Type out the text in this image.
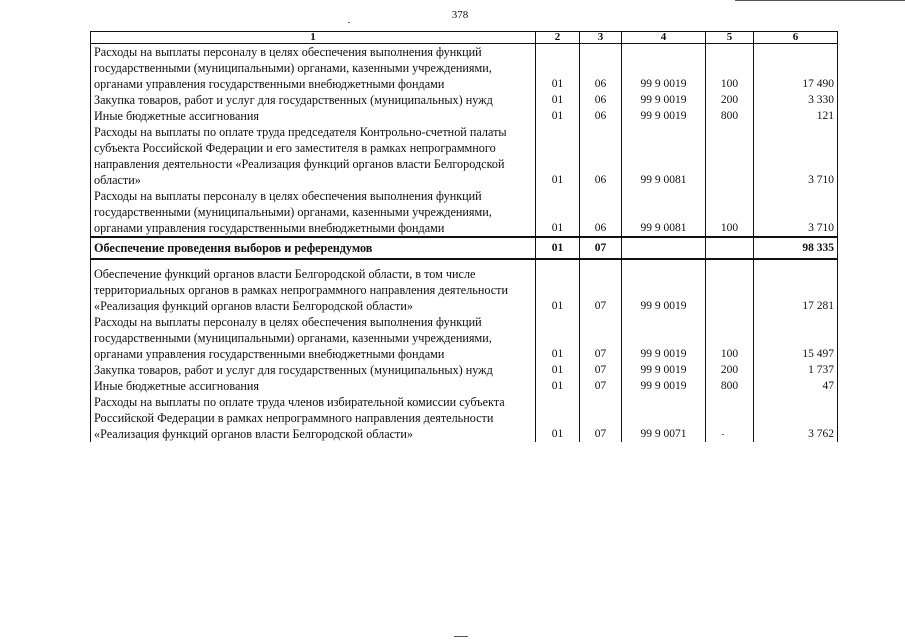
378
1	2	3	4	5	6
Расходы на выплаты персоналу в целях обеспечения выполнения функций государственными (муниципальными) органами, казенными учреждениями, органами управления государственными внебюджетными фондами	01	06	99 9 0019	100	17 490
Закупка товаров, работ и услуг для государственных (муниципальных) нужд	01	06	99 9 0019	200	3 330
Иные бюджетные ассигнования	01	06	99 9 0019	800	121
Расходы на выплаты по оплате труда председателя Контрольно-счетной палаты субъекта Российской Федерации и его заместителя в рамках непрограммного направления деятельности «Реализация функций органов власти Белгородской области»	01	06	99 9 0081		3 710
Расходы на выплаты персоналу в целях обеспечения выполнения функций государственными (муниципальными) органами, казенными учреждениями, органами управления государственными внебюджетными фондами	01	06	99 9 0081	100	3 710
Обеспечение проведения выборов и референдумов	01	07			98 335
Обеспечение функций органов власти Белгородской области, в том числе территориальных органов в рамках непрограммного направления деятельности «Реализация функций органов власти Белгородской области»	01	07	99 9 0019		17 281
Расходы на выплаты персоналу в целях обеспечения выполнения функций государственными (муниципальными) органами, казенными учреждениями, органами управления государственными внебюджетными фондами	01	07	99 9 0019	100	15 497
Закупка товаров, работ и услуг для государственных (муниципальных) нужд	01	07	99 9 0019	200	1 737
Иные бюджетные ассигнования	01	07	99 9 0019	800	47
Расходы на выплаты по оплате труда членов избирательной комиссии субъекта Российской Федерации в рамках непрограммного направления деятельности «Реализация функций органов власти Белгородской области»	01	07	99 9 0071		3 762
